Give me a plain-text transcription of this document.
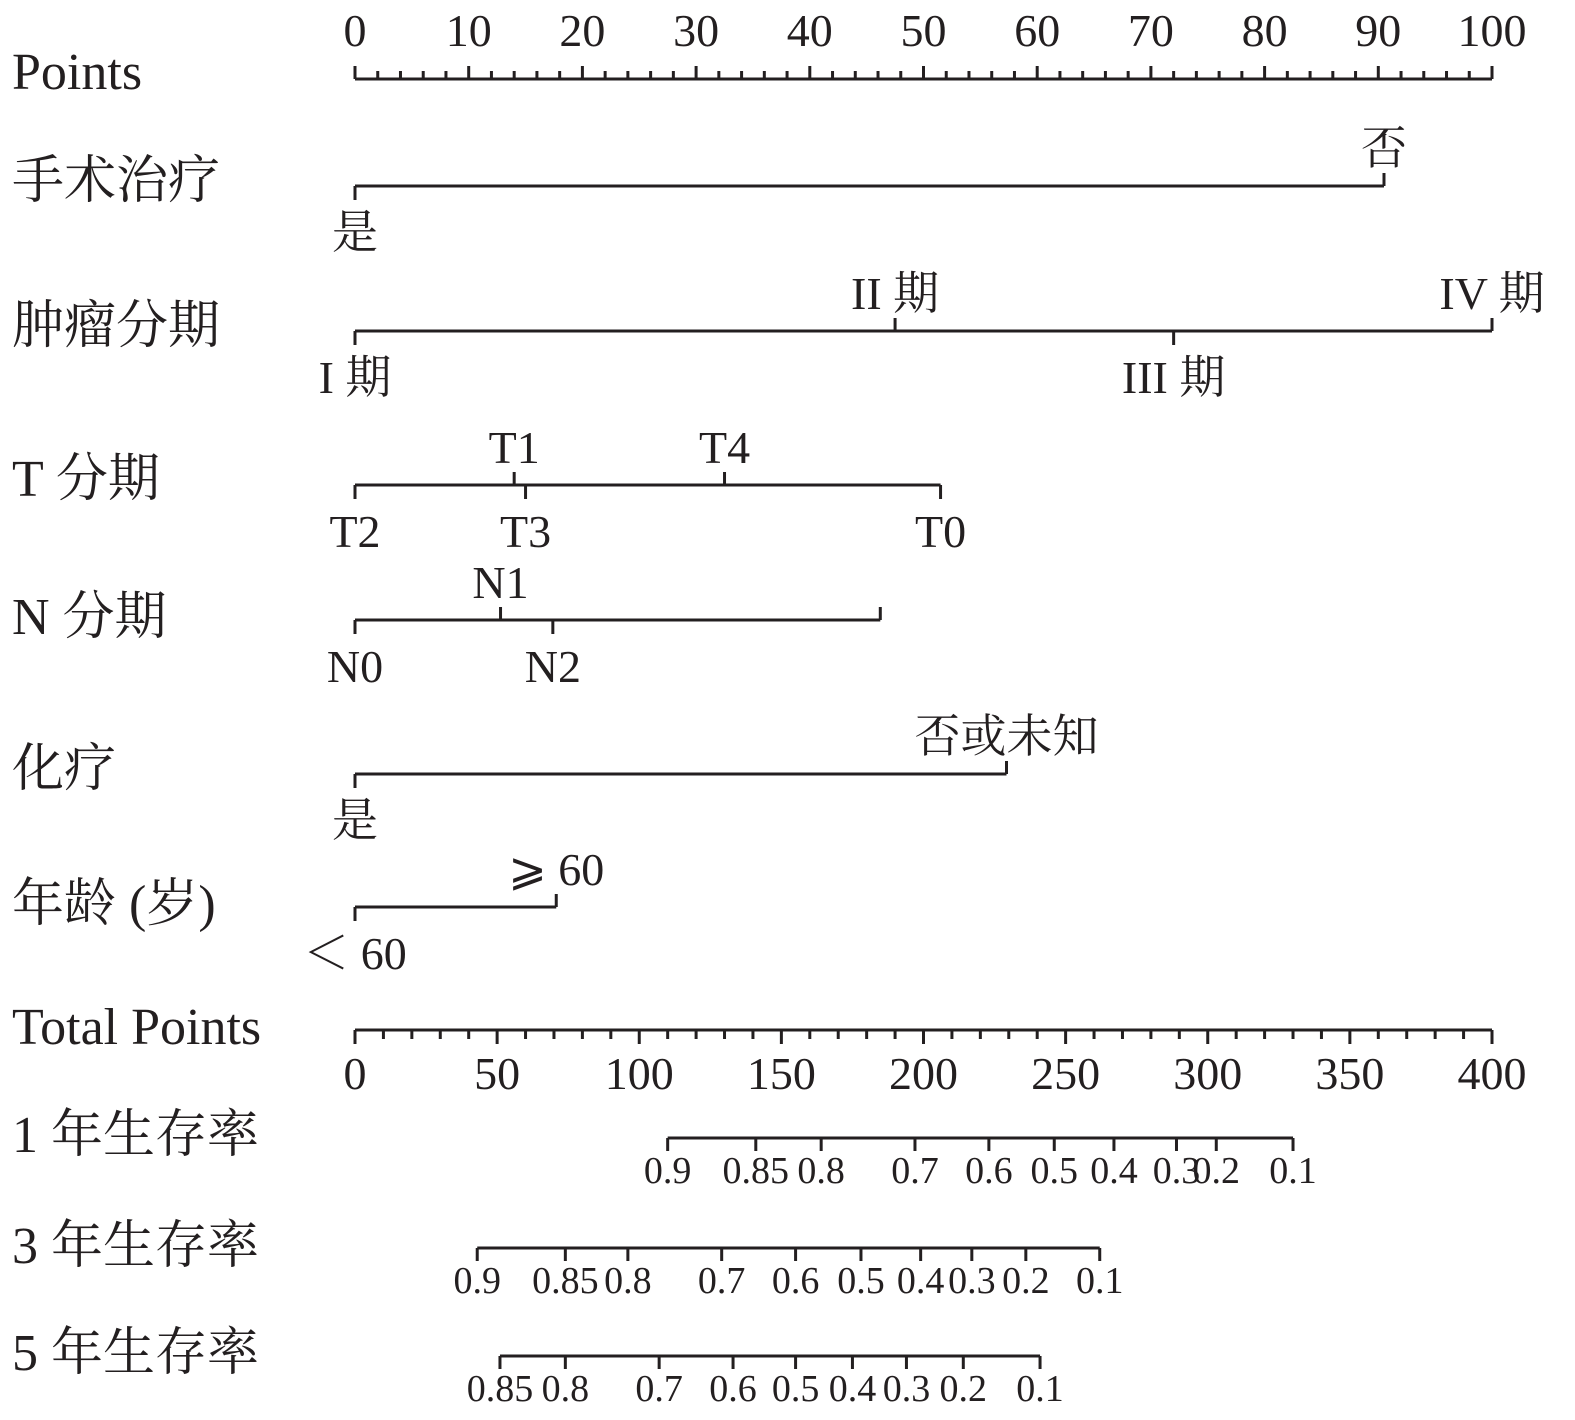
Points
手术治疗
肿瘤分期
T 分期
N 分期
化疗
年龄 (岁)
Total Points
1 年生存率
3 年生存率
5 年生存率
0 10 20 30 40 50 60 70 80 90 100
是
否
I 期
II 期
III 期
IV 期
T2
T1
T3
T4
T0
N0
N1
N2
是
否或未知
＜ 60
⩾ 60
0 50 100 150 200 250 300 350 400
0.9 0.85 0.8 0.7 0.6 0.5 0.4 0.3
0.2 0.1
0.9 0.85 0.8 0.7 0.6 0.5 0.4 0.3 0.2 0.1
0.85 0.8 0.7 0.6 0.5 0.4 0.3 0.2 0.1
